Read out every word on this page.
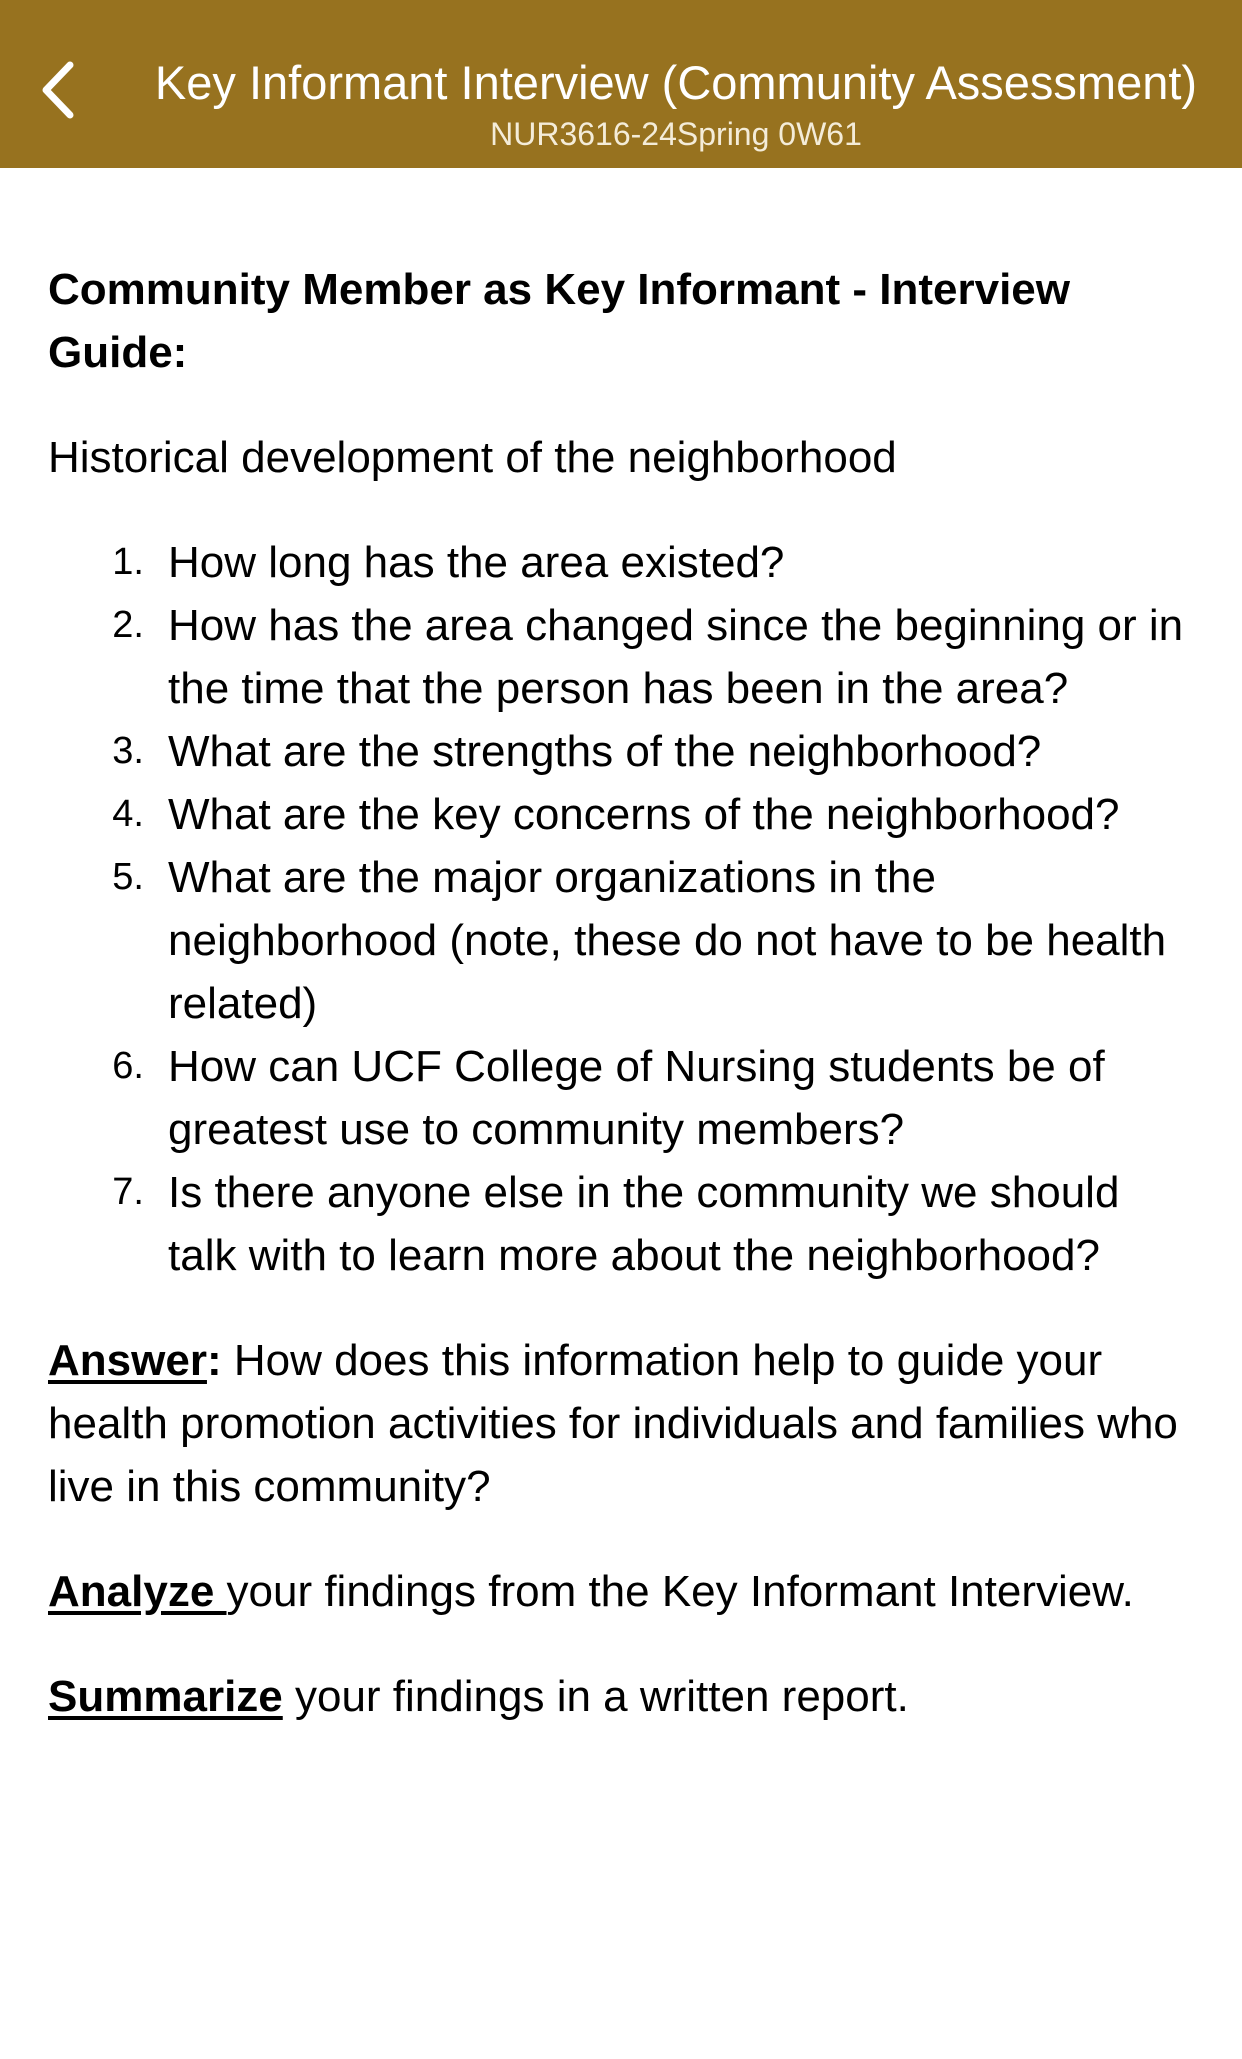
Key Informant Interview (Community Assessment)
NUR3616-24Spring 0W61
Community Member as Key Informant - Interview Guide:
Historical development of the neighborhood
1. How long has the area existed?
2. How has the area changed since the beginning or in the time that the person has been in the area?
3. What are the strengths of the neighborhood?
4. What are the key concerns of the neighborhood?
5. What are the major organizations in the neighborhood (note, these do not have to be health related)
6. How can UCF College of Nursing students be of greatest use to community members?
7. Is there anyone else in the community we should talk with to learn more about the neighborhood?
Answer: How does this information help to guide your health promotion activities for individuals and families who live in this community?
Analyze your findings from the Key Informant Interview.
Summarize your findings in a written report.
